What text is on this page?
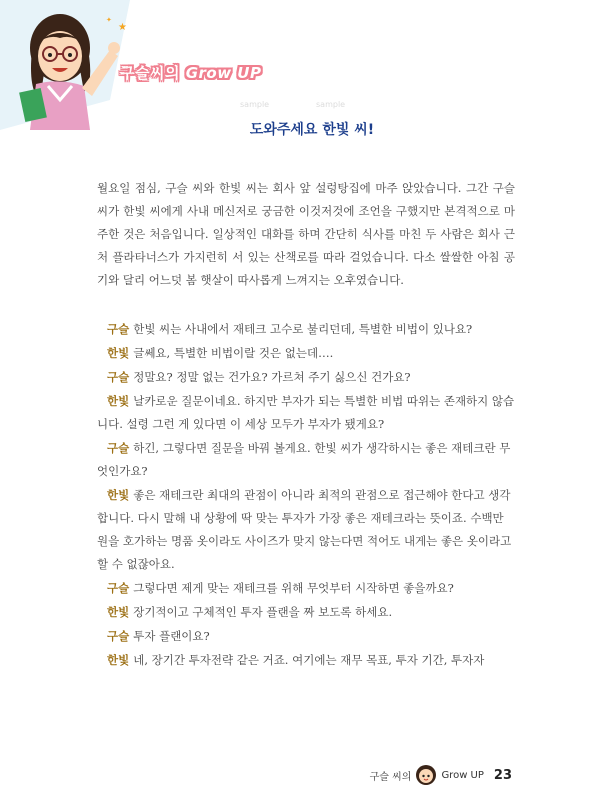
★
✦
구슬씨의 Grow UP
sample	sample
도와주세요 한빛 씨!

월요일 점심, 구슬 씨와 한빛 씨는 회사 앞 설렁탕집에 마주 앉았습니다. 그간 구슬 씨가 한빛 씨에게 사내 메신저로 궁금한 이것저것에 조언을 구했지만 본격적으로 마주한 것은 처음입니다. 일상적인 대화를 하며 간단히 식사를 마친 두 사람은 회사 근처 플라타너스가 가지런히 서 있는 산책로를 따라 걸었습니다. 다소 쌀쌀한 아침 공기와 달리 어느덧 봄 햇살이 따사롭게 느껴지는 오후였습니다.

구슬 한빛 씨는 사내에서 재테크 고수로 불리던데, 특별한 비법이 있나요?
한빛 글쎄요, 특별한 비법이랄 것은 없는데….
구슬 정말요? 정말 없는 건가요? 가르쳐 주기 싫으신 건가요?
한빛 날카로운 질문이네요. 하지만 부자가 되는 특별한 비법 따위는 존재하지 않습니다. 설령 그런 게 있다면 이 세상 모두가 부자가 됐게요?
구슬 하긴, 그렇다면 질문을 바꿔 볼게요. 한빛 씨가 생각하시는 좋은 재테크란 무엇인가요?
한빛 좋은 재테크란 최대의 관점이 아니라 최적의 관점으로 접근해야 한다고 생각합니다. 다시 말해 내 상황에 딱 맞는 투자가 가장 좋은 재테크라는 뜻이죠. 수백만 원을 호가하는 명품 옷이라도 사이즈가 맞지 않는다면 적어도 내게는 좋은 옷이라고 할 수 없잖아요.
구슬 그렇다면 제게 맞는 재테크를 위해 무엇부터 시작하면 좋을까요?
한빛 장기적이고 구체적인 투자 플랜을 짜 보도록 하세요.
구슬 투자 플랜이요?
한빛 네, 장기간 투자전략 같은 거죠. 여기에는 재무 목표, 투자 기간, 투자자
구슬 씨의	Grow UP 23
